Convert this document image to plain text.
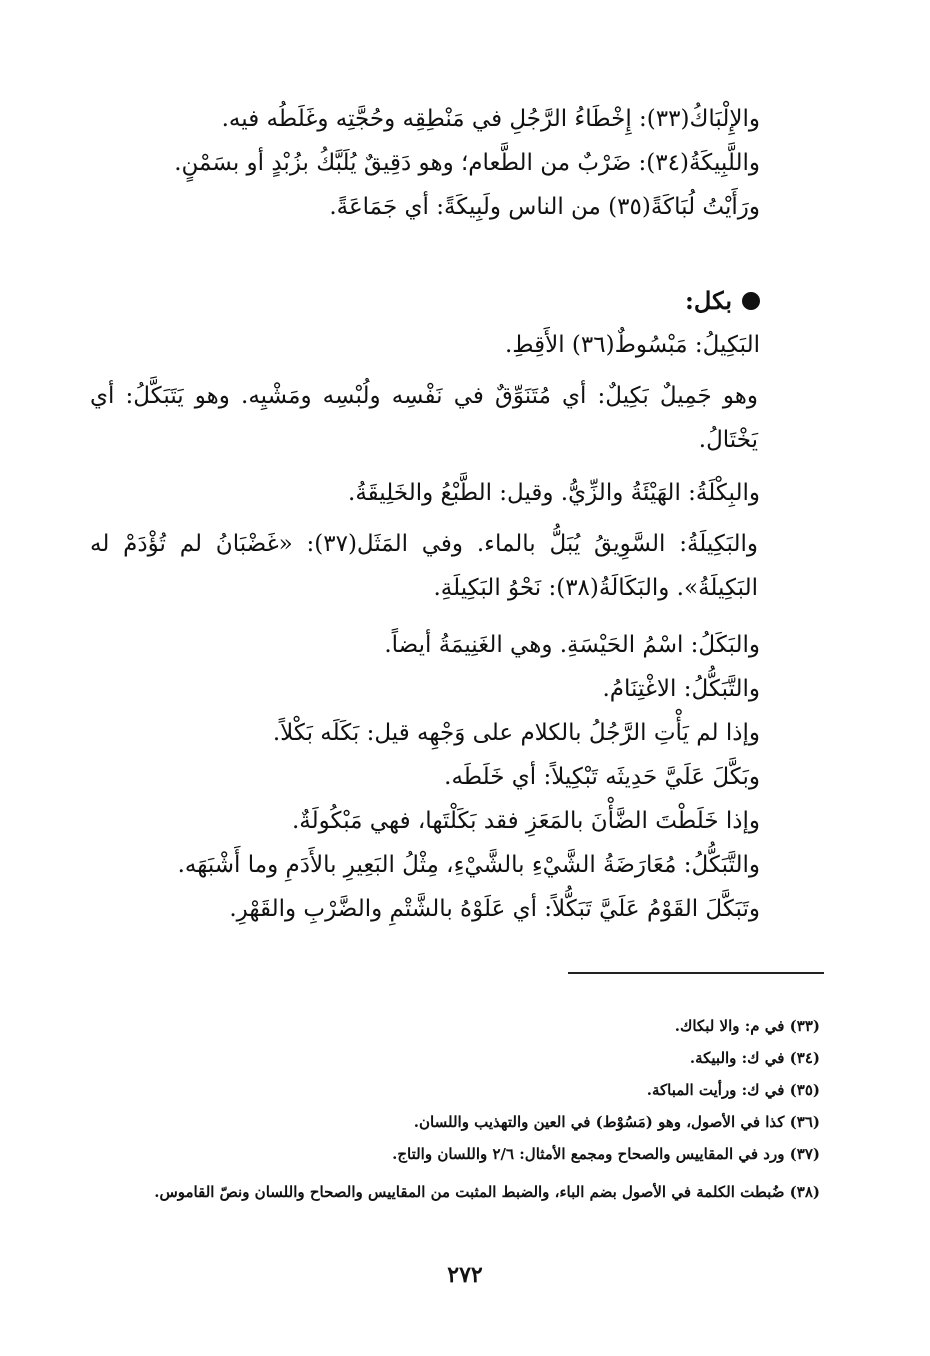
والإِلْبَاكُ(٣٣): إِخْطَاءُ الرَّجُلِ في مَنْطِقِه وحُجَّتِه وغَلَطُه فيه.
واللَّبِيكَةُ(٣٤): ضَرْبٌ من الطَّعام؛ وهو دَقِيقٌ يُلَبَّكُ بزُبْدٍ أو بسَمْنٍ.
ورَأَيْتُ لُبَاكَةً(٣٥) من الناس ولَبِيكَةً: أي جَمَاعَةً.
بكل:
البَكِيلُ: مَبْسُوطٌ(٣٦) الأَقِطِ.
وهو جَمِيلٌ بَكِيلٌ: أي مُتَنَوِّقٌ في نَفْسِه ولُبْسِه ومَشْيِه. وهو يَتَبَكَّلُ: أي يَخْتَالُ.
والبِكْلَةُ: الهَيْئَةُ والزِّيُّ. وقيل: الطَّبْعُ والخَلِيقَةُ.
والبَكِيلَةُ: السَّوِيقُ يُبَلُّ بالماء. وفي المَثَل(٣٧): «غَضْبَانُ لم تُؤْدَمْ له البَكِيلَةُ». والبَكَالَةُ(٣٨): نَحْوُ البَكِيلَةِ.
والبَكَلُ: اسْمُ الحَيْسَةِ. وهي الغَنِيمَةُ أيضاً.
والتَّبَكُّلُ: الاغْتِنَامُ.
وإذا لم يَأْتِ الرَّجُلُ بالكلام على وَجْهِه قيل: بَكَلَه بَكْلاً.
وبَكَّلَ عَلَيَّ حَدِيثَه تَبْكِيلاً: أي خَلَطَه.
وإذا خَلَطْتَ الضَّأْنَ بالمَعَزِ فقد بَكَلْتَها، فهي مَبْكُولَةٌ.
والتَّبَكُّلُ: مُعَارَضَةُ الشَّيْءِ بالشَّيْءِ، مِثْلُ البَعِيرِ بالأَدَمِ وما أَشْبَهَه.
وتَبَكَّلَ القَوْمُ عَلَيَّ تَبَكُّلاً: أي عَلَوْهُ بالشَّتْمِ والضَّرْبِ والقَهْرِ.
(٣٣) في م: والا لبكاك.
(٣٤) في ك: والبيكة.
(٣٥) في ك: ورأيت المباكة.
(٣٦) كذا في الأصول، وهو (مَسُوْط) في العين والتهذيب واللسان.
(٣٧) ورد في المقاييس والصحاح ومجمع الأمثال: ٢/٦ واللسان والتاج.
(٣٨) ضُبطت الكلمة في الأصول بضم الباء، والضبط المثبت من المقاييس والصحاح واللسان ونصّ القاموس.
٢٧٢
